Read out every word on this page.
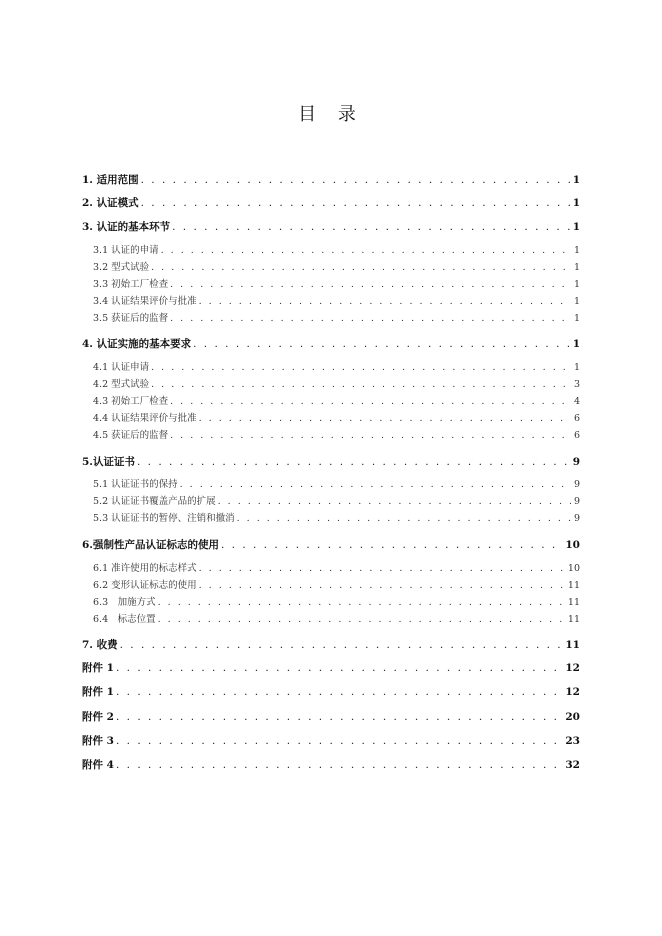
目 录
1. 适用范围 . . .	1
2. 认证模式 . . .	1
3. 认证的基本环节 . . .	1
3.1 认证的申请 . . .	1
3.2 型式试验 . . .	1
3.3 初始工厂检查 . . .	1
3.4 认证结果评价与批准 . . .	1
3.5 获证后的监督 . . .	1
4. 认证实施的基本要求 . . .	1
4.1 认证申请 . . .	1
4.2 型式试验 . . .	3
4.3 初始工厂检查 . . .	4
4.4 认证结果评价与批准 . . .	6
4.5 获证后的监督 . . .	6
5.认证证书 . . .	9
5.1 认证证书的保持 . . .	9
5.2 认证证书覆盖产品的扩展 . . .	9
5.3 认证证书的暂停、注销和撤消 . . .	9
6.强制性产品认证标志的使用 . . .	10
6.1 准许使用的标志样式 . . .	10
6.2 变形认证标志的使用 . . .	11
6.3　加施方式 . . .	11
6.4　标志位置 . . .	11
7. 收费 . . .	11
附件 1 . . .	12
附件 1 . . .	12
附件 2 . . .	20
附件 3 . . .	23
附件 4 . . .	32
